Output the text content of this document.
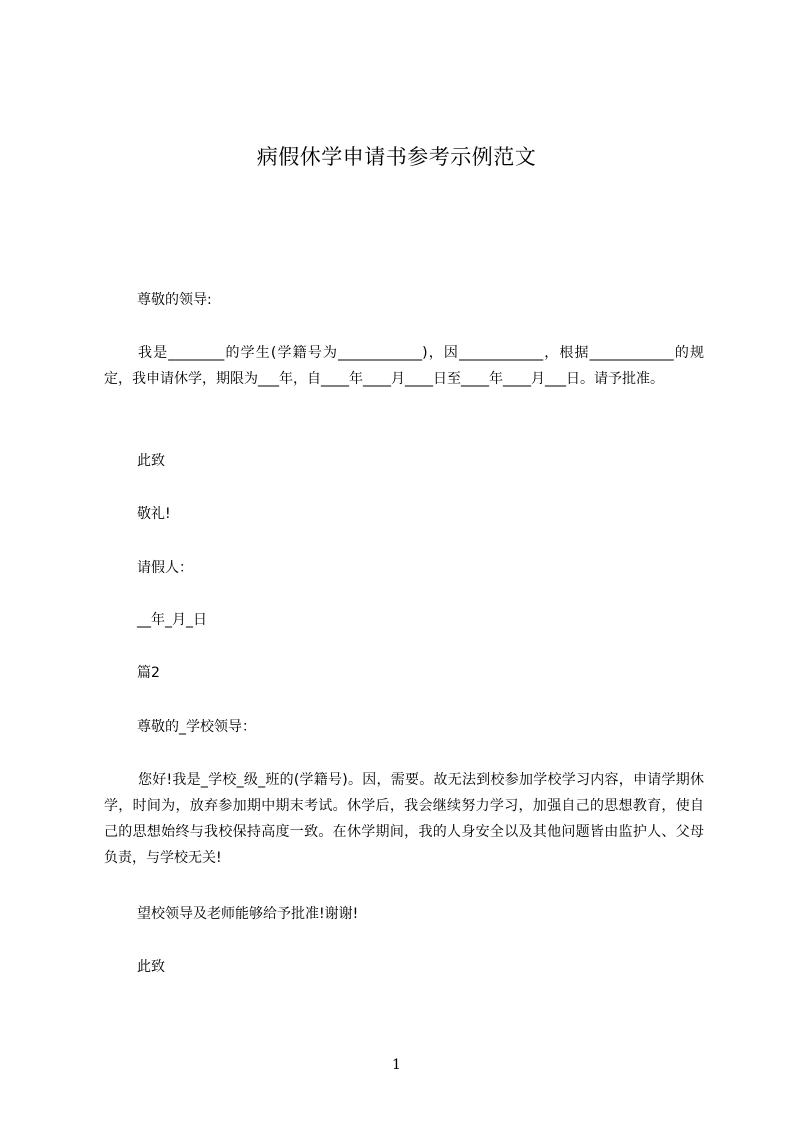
病假休学申请书参考示例范文
尊敬的领导:
我是________的学生(学籍号为____________)，因____________，根据____________的规定，我申请休学，期限为___年，自____年____月____日至____年____月___日。请予批准。
此致
敬礼!
请假人：
__年_月_日
篇2
尊敬的_学校领导：
您好!我是_学校_级_班的(学籍号)。因，需要。故无法到校参加学校学习内容，申请学期休学，时间为，放弃参加期中期末考试。休学后，我会继续努力学习，加强自己的思想教育，使自己的思想始终与我校保持高度一致。在休学期间，我的人身安全以及其他问题皆由监护人、父母负责，与学校无关!
望校领导及老师能够给予批准!谢谢!
此致
1
